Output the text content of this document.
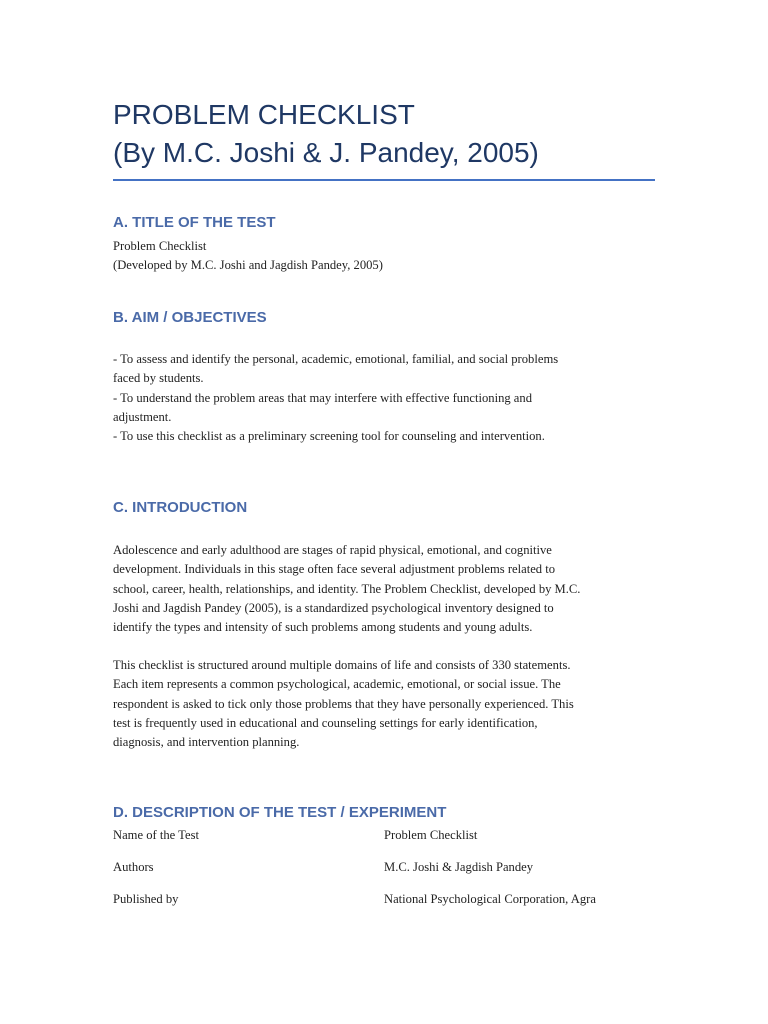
PROBLEM CHECKLIST
(By M.C. Joshi & J. Pandey, 2005)
A. TITLE OF THE TEST
Problem Checklist
(Developed by M.C. Joshi and Jagdish Pandey, 2005)
B. AIM / OBJECTIVES
- To assess and identify the personal, academic, emotional, familial, and social problems
faced by students.
- To understand the problem areas that may interfere with effective functioning and
adjustment.
- To use this checklist as a preliminary screening tool for counseling and intervention.
C. INTRODUCTION
Adolescence and early adulthood are stages of rapid physical, emotional, and cognitive
development. Individuals in this stage often face several adjustment problems related to
school, career, health, relationships, and identity. The Problem Checklist, developed by M.C.
Joshi and Jagdish Pandey (2005), is a standardized psychological inventory designed to
identify the types and intensity of such problems among students and young adults.
This checklist is structured around multiple domains of life and consists of 330 statements.
Each item represents a common psychological, academic, emotional, or social issue. The
respondent is asked to tick only those problems that they have personally experienced. This
test is frequently used in educational and counseling settings for early identification,
diagnosis, and intervention planning.
D. DESCRIPTION OF THE TEST / EXPERIMENT
Name of the Test	Problem Checklist
Authors	M.C. Joshi & Jagdish Pandey
Published by	National Psychological Corporation, Agra
